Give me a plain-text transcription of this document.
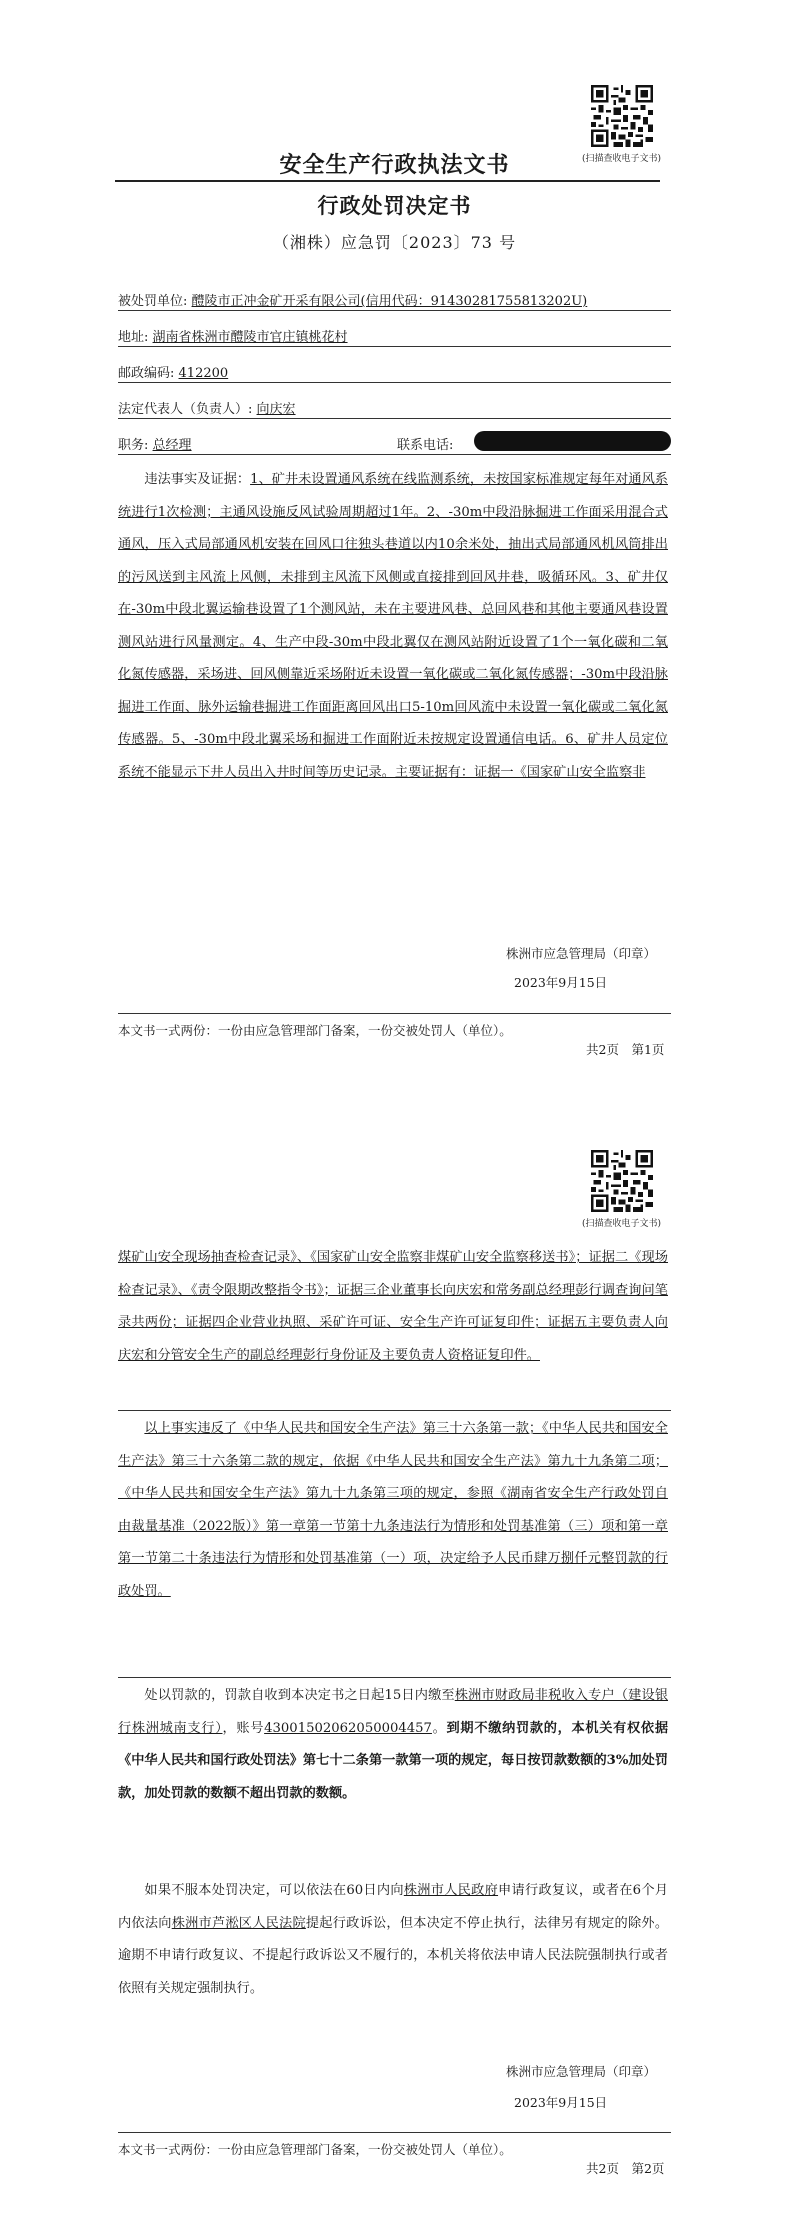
(扫描查收电子文书)
安全生产行政执法文书
行政处罚决定书
（湘株）应急罚〔2023〕73 号
被处罚单位: 醴陵市正冲金矿开采有限公司(信用代码：91430281755813202U)
地址: 湖南省株洲市醴陵市官庄镇桃花村
邮政编码: 412200
法定代表人（负责人）: 向庆宏
职务: 总经理	联系电话:
违法事实及证据：1、矿井未设置通风系统在线监测系统，未按国家标准规定每年对通风系统进行1次检测；主通风设施反风试验周期超过1年。2、-30m中段沿脉掘进工作面采用混合式通风，压入式局部通风机安装在回风口往独头巷道以内10余米处，抽出式局部通风机风筒排出的污风送到主风流上风侧，未排到主风流下风侧或直接排到回风井巷，吸循环风。3、矿井仅在-30m中段北翼运输巷设置了1个测风站，未在主要进风巷、总回风巷和其他主要通风巷设置测风站进行风量测定。4、生产中段-30m中段北翼仅在测风站附近设置了1个一氧化碳和二氧化氮传感器，采场进、回风侧靠近采场附近未设置一氧化碳或二氧化氮传感器；-30m中段沿脉掘进工作面、脉外运输巷掘进工作面距离回风出口5-10m回风流中未设置一氧化碳或二氧化氮传感器。5、-30m中段北翼采场和掘进工作面附近未按规定设置通信电话。6、矿井人员定位系统不能显示下井人员出入井时间等历史记录。主要证据有：证据一《国家矿山安全监察非
株洲市应急管理局（印章）
2023年9月15日
本文书一式两份：一份由应急管理部门备案，一份交被处罚人（单位）。
共2页　第1页
(扫描查收电子文书)
煤矿山安全现场抽查检查记录》、《国家矿山安全监察非煤矿山安全监察移送书》；证据二《现场检查记录》、《责令限期改整指令书》；证据三企业董事长向庆宏和常务副总经理彭行调查询问笔录共两份；证据四企业营业执照、采矿许可证、安全生产许可证复印件；证据五主要负责人向庆宏和分管安全生产的副总经理彭行身份证及主要负责人资格证复印件。
以上事实违反了《中华人民共和国安全生产法》第三十六条第一款；《中华人民共和国安全生产法》第三十六条第二款的规定，依据《中华人民共和国安全生产法》第九十九条第二项；《中华人民共和国安全生产法》第九十九条第三项的规定，参照《湖南省安全生产行政处罚自由裁量基准（2022版）》第一章第一节第十九条违法行为情形和处罚基准第（三）项和第一章第一节第二十条违法行为情形和处罚基准第（一）项，决定给予人民币肆万捌仟元整罚款的行政处罚。
处以罚款的，罚款自收到本决定书之日起15日内缴至株洲市财政局非税收入专户（建设银行株洲城南支行），账号43001502062050004457。到期不缴纳罚款的，本机关有权依据《中华人民共和国行政处罚法》第七十二条第一款第一项的规定，每日按罚款数额的3%加处罚款，加处罚款的数额不超出罚款的数额。
如果不服本处罚决定，可以依法在60日内向株洲市人民政府申请行政复议，或者在6个月内依法向株洲市芦淞区人民法院提起行政诉讼，但本决定不停止执行，法律另有规定的除外。逾期不申请行政复议、不提起行政诉讼又不履行的，本机关将依法申请人民法院强制执行或者依照有关规定强制执行。
株洲市应急管理局（印章）
2023年9月15日
本文书一式两份：一份由应急管理部门备案，一份交被处罚人（单位）。
共2页　第2页
